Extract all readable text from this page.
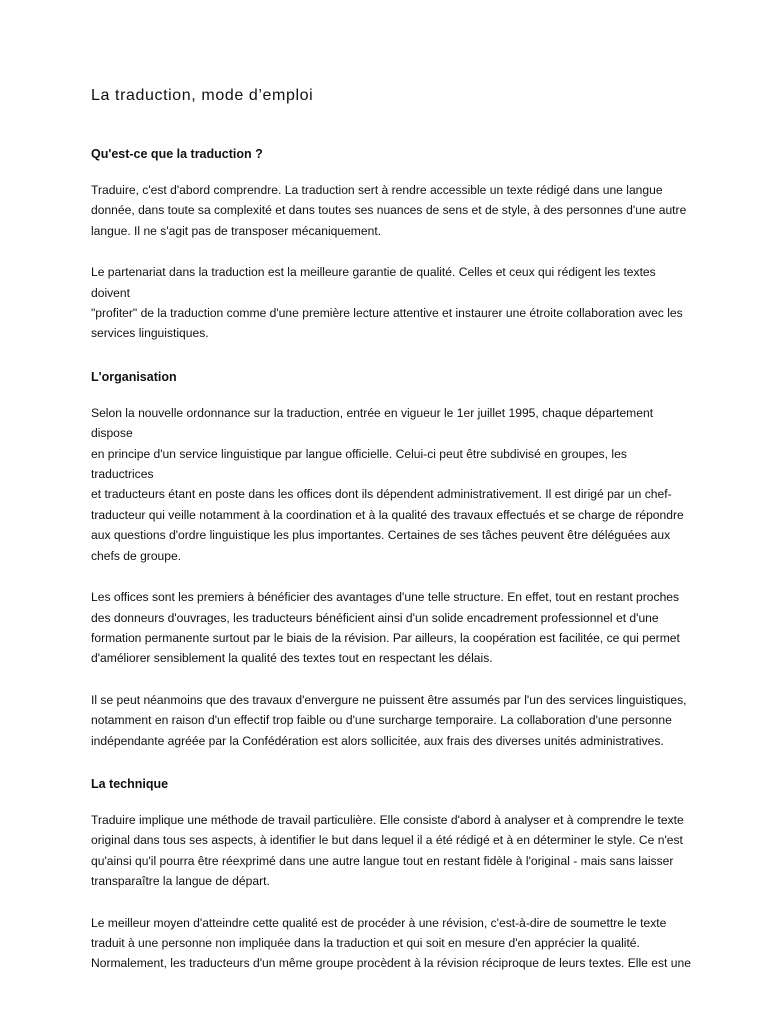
La traduction, mode d’emploi
Qu'est-ce que la traduction ?

Traduire, c'est d'abord comprendre. La traduction sert à rendre accessible un texte rédigé dans une langue
donnée, dans toute sa complexité et dans toutes ses nuances de sens et de style, à des personnes d'une autre
langue. Il ne s'agit pas de transposer mécaniquement.

Le partenariat dans la traduction est la meilleure garantie de qualité. Celles et ceux qui rédigent les textes doivent
"profiter" de la traduction comme d'une première lecture attentive et instaurer une étroite collaboration avec les
services linguistiques.

L'organisation

Selon la nouvelle ordonnance sur la traduction, entrée en vigueur le 1er juillet 1995, chaque département dispose
en principe d'un service linguistique par langue officielle. Celui-ci peut être subdivisé en groupes, les traductrices
et traducteurs étant en poste dans les offices dont ils dépendent administrativement. Il est dirigé par un chef-
traducteur qui veille notamment à la coordination et à la qualité des travaux effectués et se charge de répondre
aux questions d'ordre linguistique les plus importantes. Certaines de ses tâches peuvent être déléguées aux
chefs de groupe.

Les offices sont les premiers à bénéficier des avantages d'une telle structure. En effet, tout en restant proches
des donneurs d'ouvrages, les traducteurs bénéficient ainsi d'un solide encadrement professionnel et d'une
formation permanente surtout par le biais de la révision. Par ailleurs, la coopération est facilitée, ce qui permet
d'améliorer sensiblement la qualité des textes tout en respectant les délais.

Il se peut néanmoins que des travaux d'envergure ne puissent être assumés par l'un des services linguistiques,
notamment en raison d'un effectif trop faible ou d'une surcharge temporaire. La collaboration d'une personne
indépendante agréée par la Confédération est alors sollicitée, aux frais des diverses unités administratives.

La technique

Traduire implique une méthode de travail particulière. Elle consiste d'abord à analyser et à comprendre le texte
original dans tous ses aspects, à identifier le but dans lequel il a été rédigé et à en déterminer le style. Ce n'est
qu'ainsi qu'il pourra être réexprimé dans une autre langue tout en restant fidèle à l'original - mais sans laisser
transparaître la langue de départ.

Le meilleur moyen d'atteindre cette qualité est de procéder à une révision, c'est-à-dire de soumettre le texte
traduit à une personne non impliquée dans la traduction et qui soit en mesure d'en apprécier la qualité.
Normalement, les traducteurs d'un même groupe procèdent à la révision réciproque de leurs textes. Elle est une
